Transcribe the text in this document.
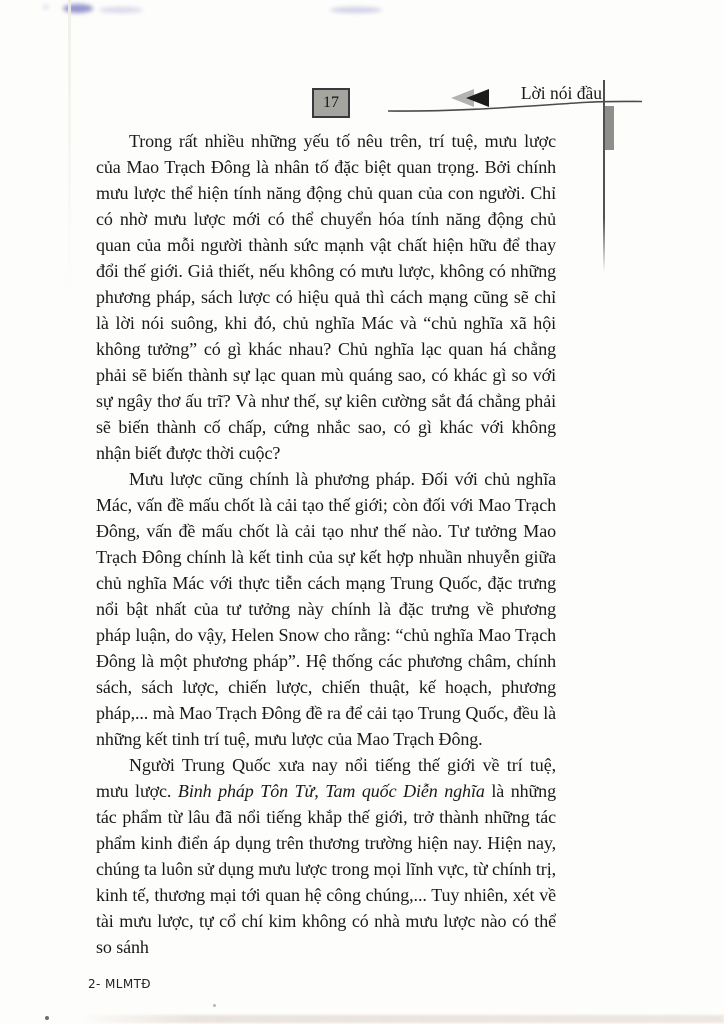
17	Lời nói đầu

Trong rất nhiều những yếu tố nêu trên, trí tuệ, mưu lược của Mao Trạch Đông là nhân tố đặc biệt quan trọng. Bởi chính mưu lược thể hiện tính năng động chủ quan của con người. Chỉ có nhờ mưu lược mới có thể chuyển hóa tính năng động chủ quan của mỗi người thành sức mạnh vật chất hiện hữu để thay đổi thế giới. Giả thiết, nếu không có mưu lược, không có những phương pháp, sách lược có hiệu quả thì cách mạng cũng sẽ chỉ là lời nói suông, khi đó, chủ nghĩa Mác và “chủ nghĩa xã hội không tưởng” có gì khác nhau? Chủ nghĩa lạc quan há chẳng phải sẽ biến thành sự lạc quan mù quáng sao, có khác gì so với sự ngây thơ ấu trĩ? Và như thế, sự kiên cường sắt đá chẳng phải sẽ biến thành cố chấp, cứng nhắc sao, có gì khác với không nhận biết được thời cuộc?

Mưu lược cũng chính là phương pháp. Đối với chủ nghĩa Mác, vấn đề mấu chốt là cải tạo thế giới; còn đối với Mao Trạch Đông, vấn đề mấu chốt là cải tạo như thế nào. Tư tưởng Mao Trạch Đông chính là kết tinh của sự kết hợp nhuần nhuyễn giữa chủ nghĩa Mác với thực tiễn cách mạng Trung Quốc, đặc trưng nổi bật nhất của tư tưởng này chính là đặc trưng về phương pháp luận, do vậy, Helen Snow cho rằng: “chủ nghĩa Mao Trạch Đông là một phương pháp”. Hệ thống các phương châm, chính sách, sách lược, chiến lược, chiến thuật, kế hoạch, phương pháp,... mà Mao Trạch Đông đề ra để cải tạo Trung Quốc, đều là những kết tinh trí tuệ, mưu lược của Mao Trạch Đông.

Người Trung Quốc xưa nay nổi tiếng thế giới về trí tuệ, mưu lược. Binh pháp Tôn Tử, Tam quốc Diễn nghĩa là những tác phẩm từ lâu đã nổi tiếng khắp thế giới, trở thành những tác phẩm kinh điển áp dụng trên thương trường hiện nay. Hiện nay, chúng ta luôn sử dụng mưu lược trong mọi lĩnh vực, từ chính trị, kinh tế, thương mại tới quan hệ công chúng,... Tuy nhiên, xét về tài mưu lược, tự cổ chí kim không có nhà mưu lược nào có thể so sánh

2- MLMTĐ
